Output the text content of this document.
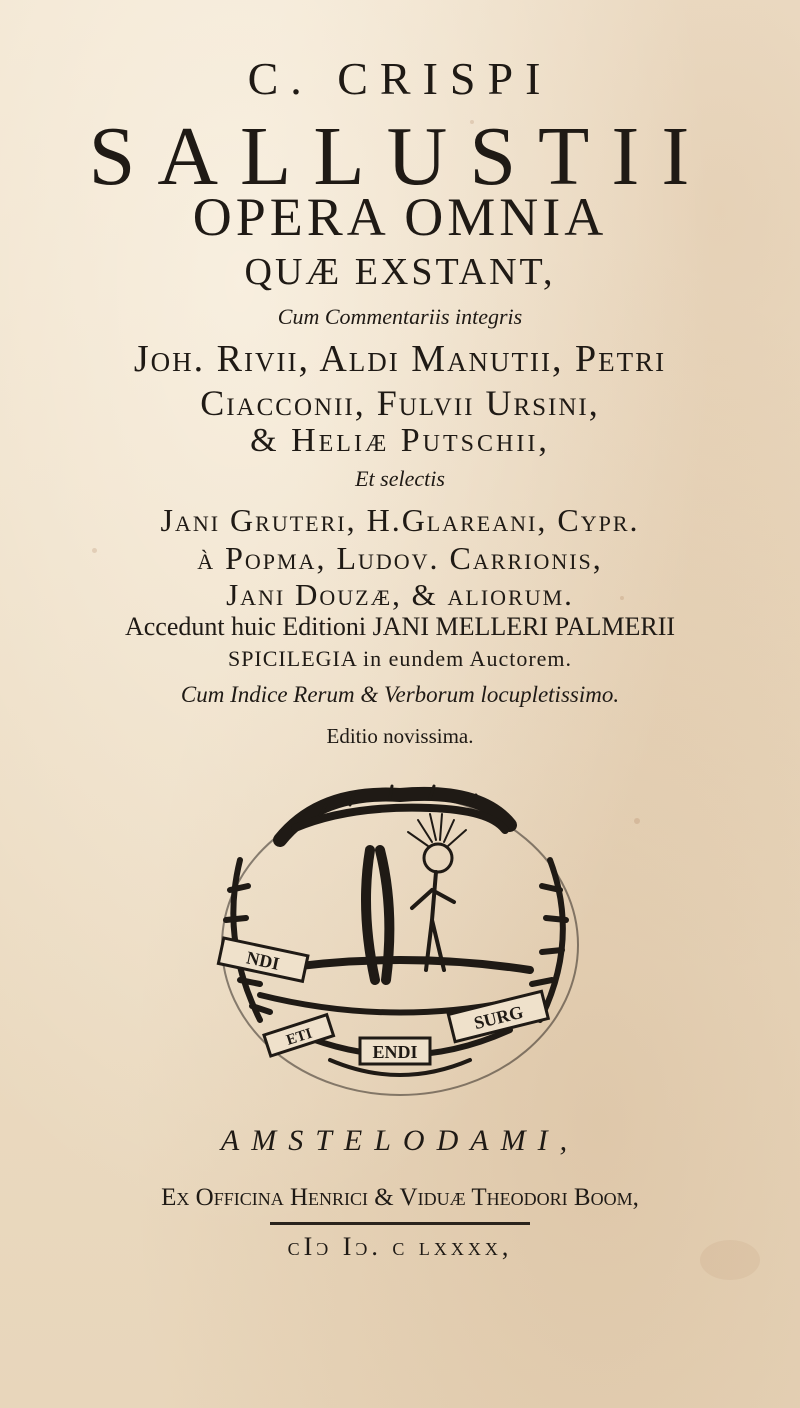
C. CRISPI
SALLUSTII
OPERA OMNIA
QUÆ EXSTANT,
Cum Commentariis integris
Joh. Rivii, Aldi Manutii, Petri
Ciacconii, Fulvii Ursini,
& Heliæ Putschii,
Et selectis
Jani Gruteri, H.Glareani, Cypr.
à Popma, Ludov. Carrionis,
Jani Douzæ, & aliorum.
Accedunt huic Editioni JANI MELLERI PALMERII
SPICILEGIA in eundem Auctorem.
Cum Indice Rerum & Verborum locupletissimo.
Editio novissima.
NDI
SURG
ENDI
ETI
AMSTELODAMI,
Ex Officina Henrici & Viduæ Theodori Boom,
cIɔ Iɔ. c lxxxx,
